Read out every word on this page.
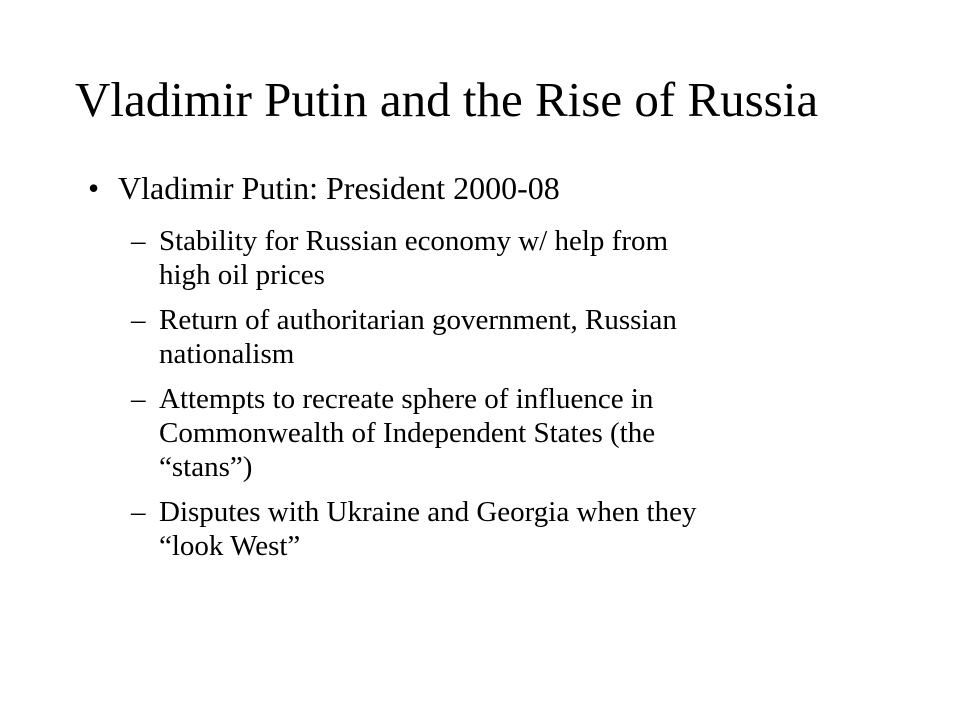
Vladimir Putin and the Rise of Russia
• Vladimir Putin: President 2000-08
– Stability for Russian economy w/ help from
high oil prices
– Return of authoritarian government, Russian
nationalism
– Attempts to recreate sphere of influence in
Commonwealth of Independent States (the
“stans”)
– Disputes with Ukraine and Georgia when they
“look West”
